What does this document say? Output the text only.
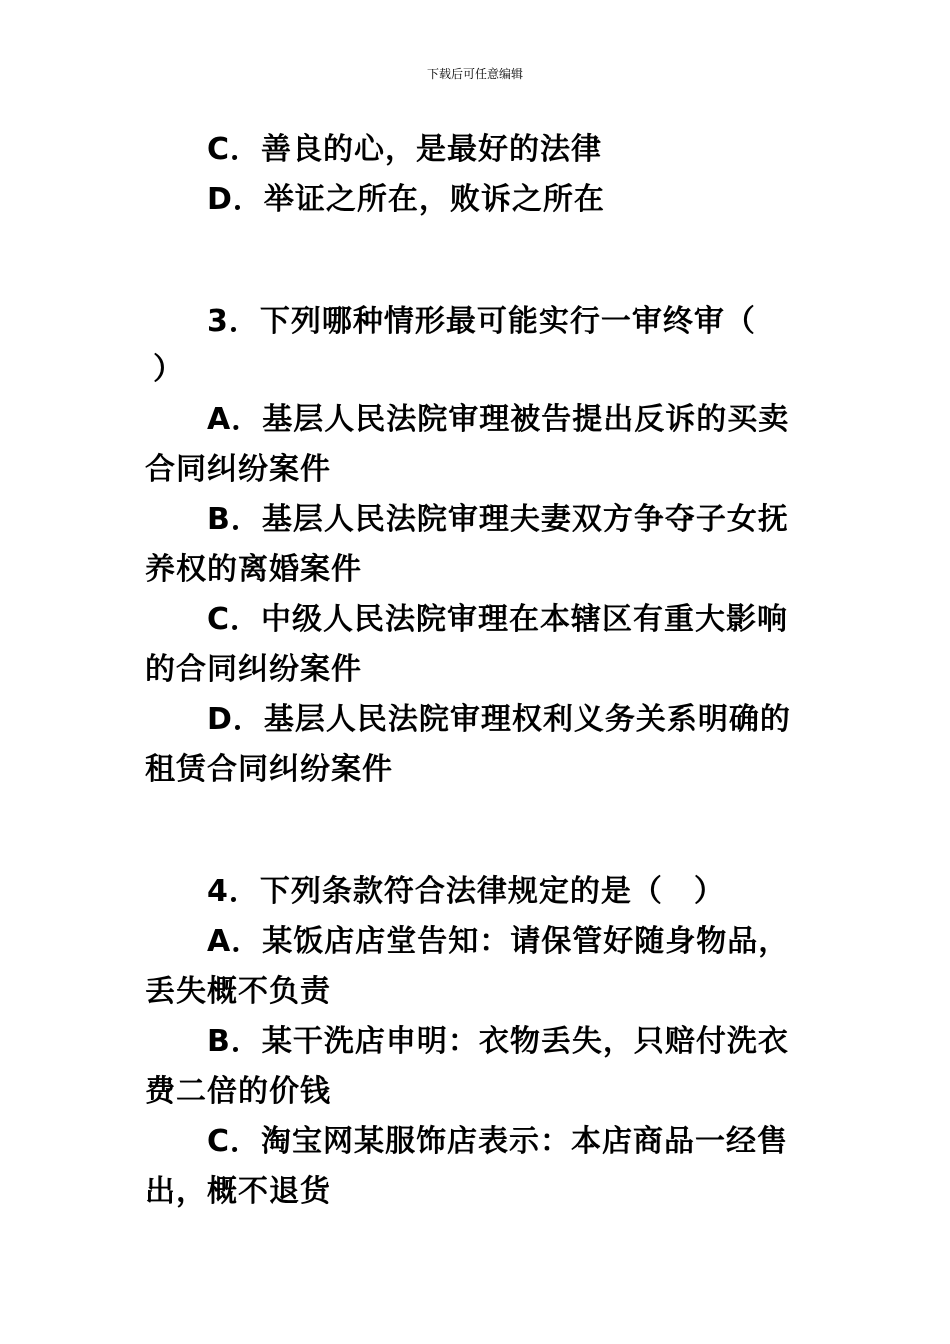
下载后可任意编辑
C．善良的心，是最好的法律
D．举证之所在，败诉之所在
3．下列哪种情形最可能实行一审终审（
）
A．基层人民法院审理被告提出反诉的买卖
合同纠纷案件
B．基层人民法院审理夫妻双方争夺子女抚
养权的离婚案件
C．中级人民法院审理在本辖区有重大影响
的合同纠纷案件
D．基层人民法院审理权利义务关系明确的
租赁合同纠纷案件
4．下列条款符合法律规定的是（　）
A．某饭店店堂告知：请保管好随身物品，
丢失概不负责
B．某干洗店申明：衣物丢失，只赔付洗衣
费二倍的价钱
C．淘宝网某服饰店表示：本店商品一经售
出，概不退货
